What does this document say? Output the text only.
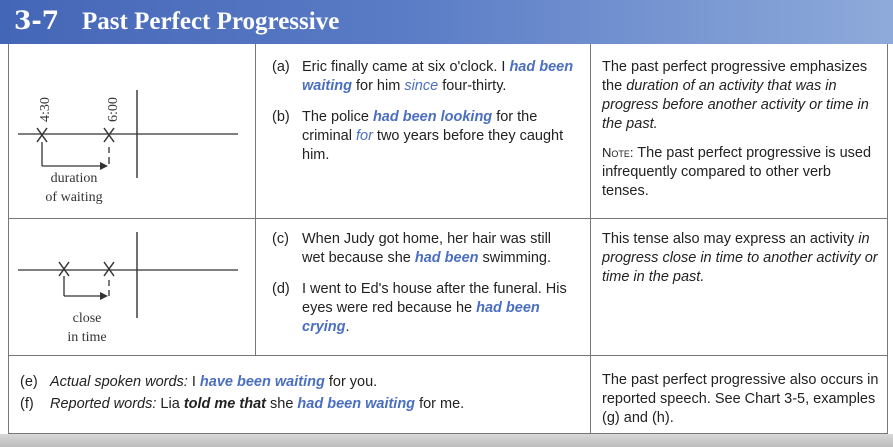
3-7 Past Perfect Progressive
4:30	6:00
duration
of waiting
close
in time
(a) Eric finally came at six o'clock. I had been waiting for him since four-thirty.
(b) The police had been looking for the criminal for two years before they caught him.
(c) When Judy got home, her hair was still wet because she had been swimming.
(d) I went to Ed's house after the funeral. His eyes were red because he had been crying.
(e) Actual spoken words: I have been waiting for you.
(f) Reported words: Lia told me that she had been waiting for me.
The past perfect progressive emphasizes the duration of an activity that was in progress before another activity or time in the past.
Note: The past perfect progressive is used infrequently compared to other verb tenses.
This tense also may express an activity in progress close in time to another activity or time in the past.
The past perfect progressive also occurs in reported speech. See Chart 3-5, examples (g) and (h).
